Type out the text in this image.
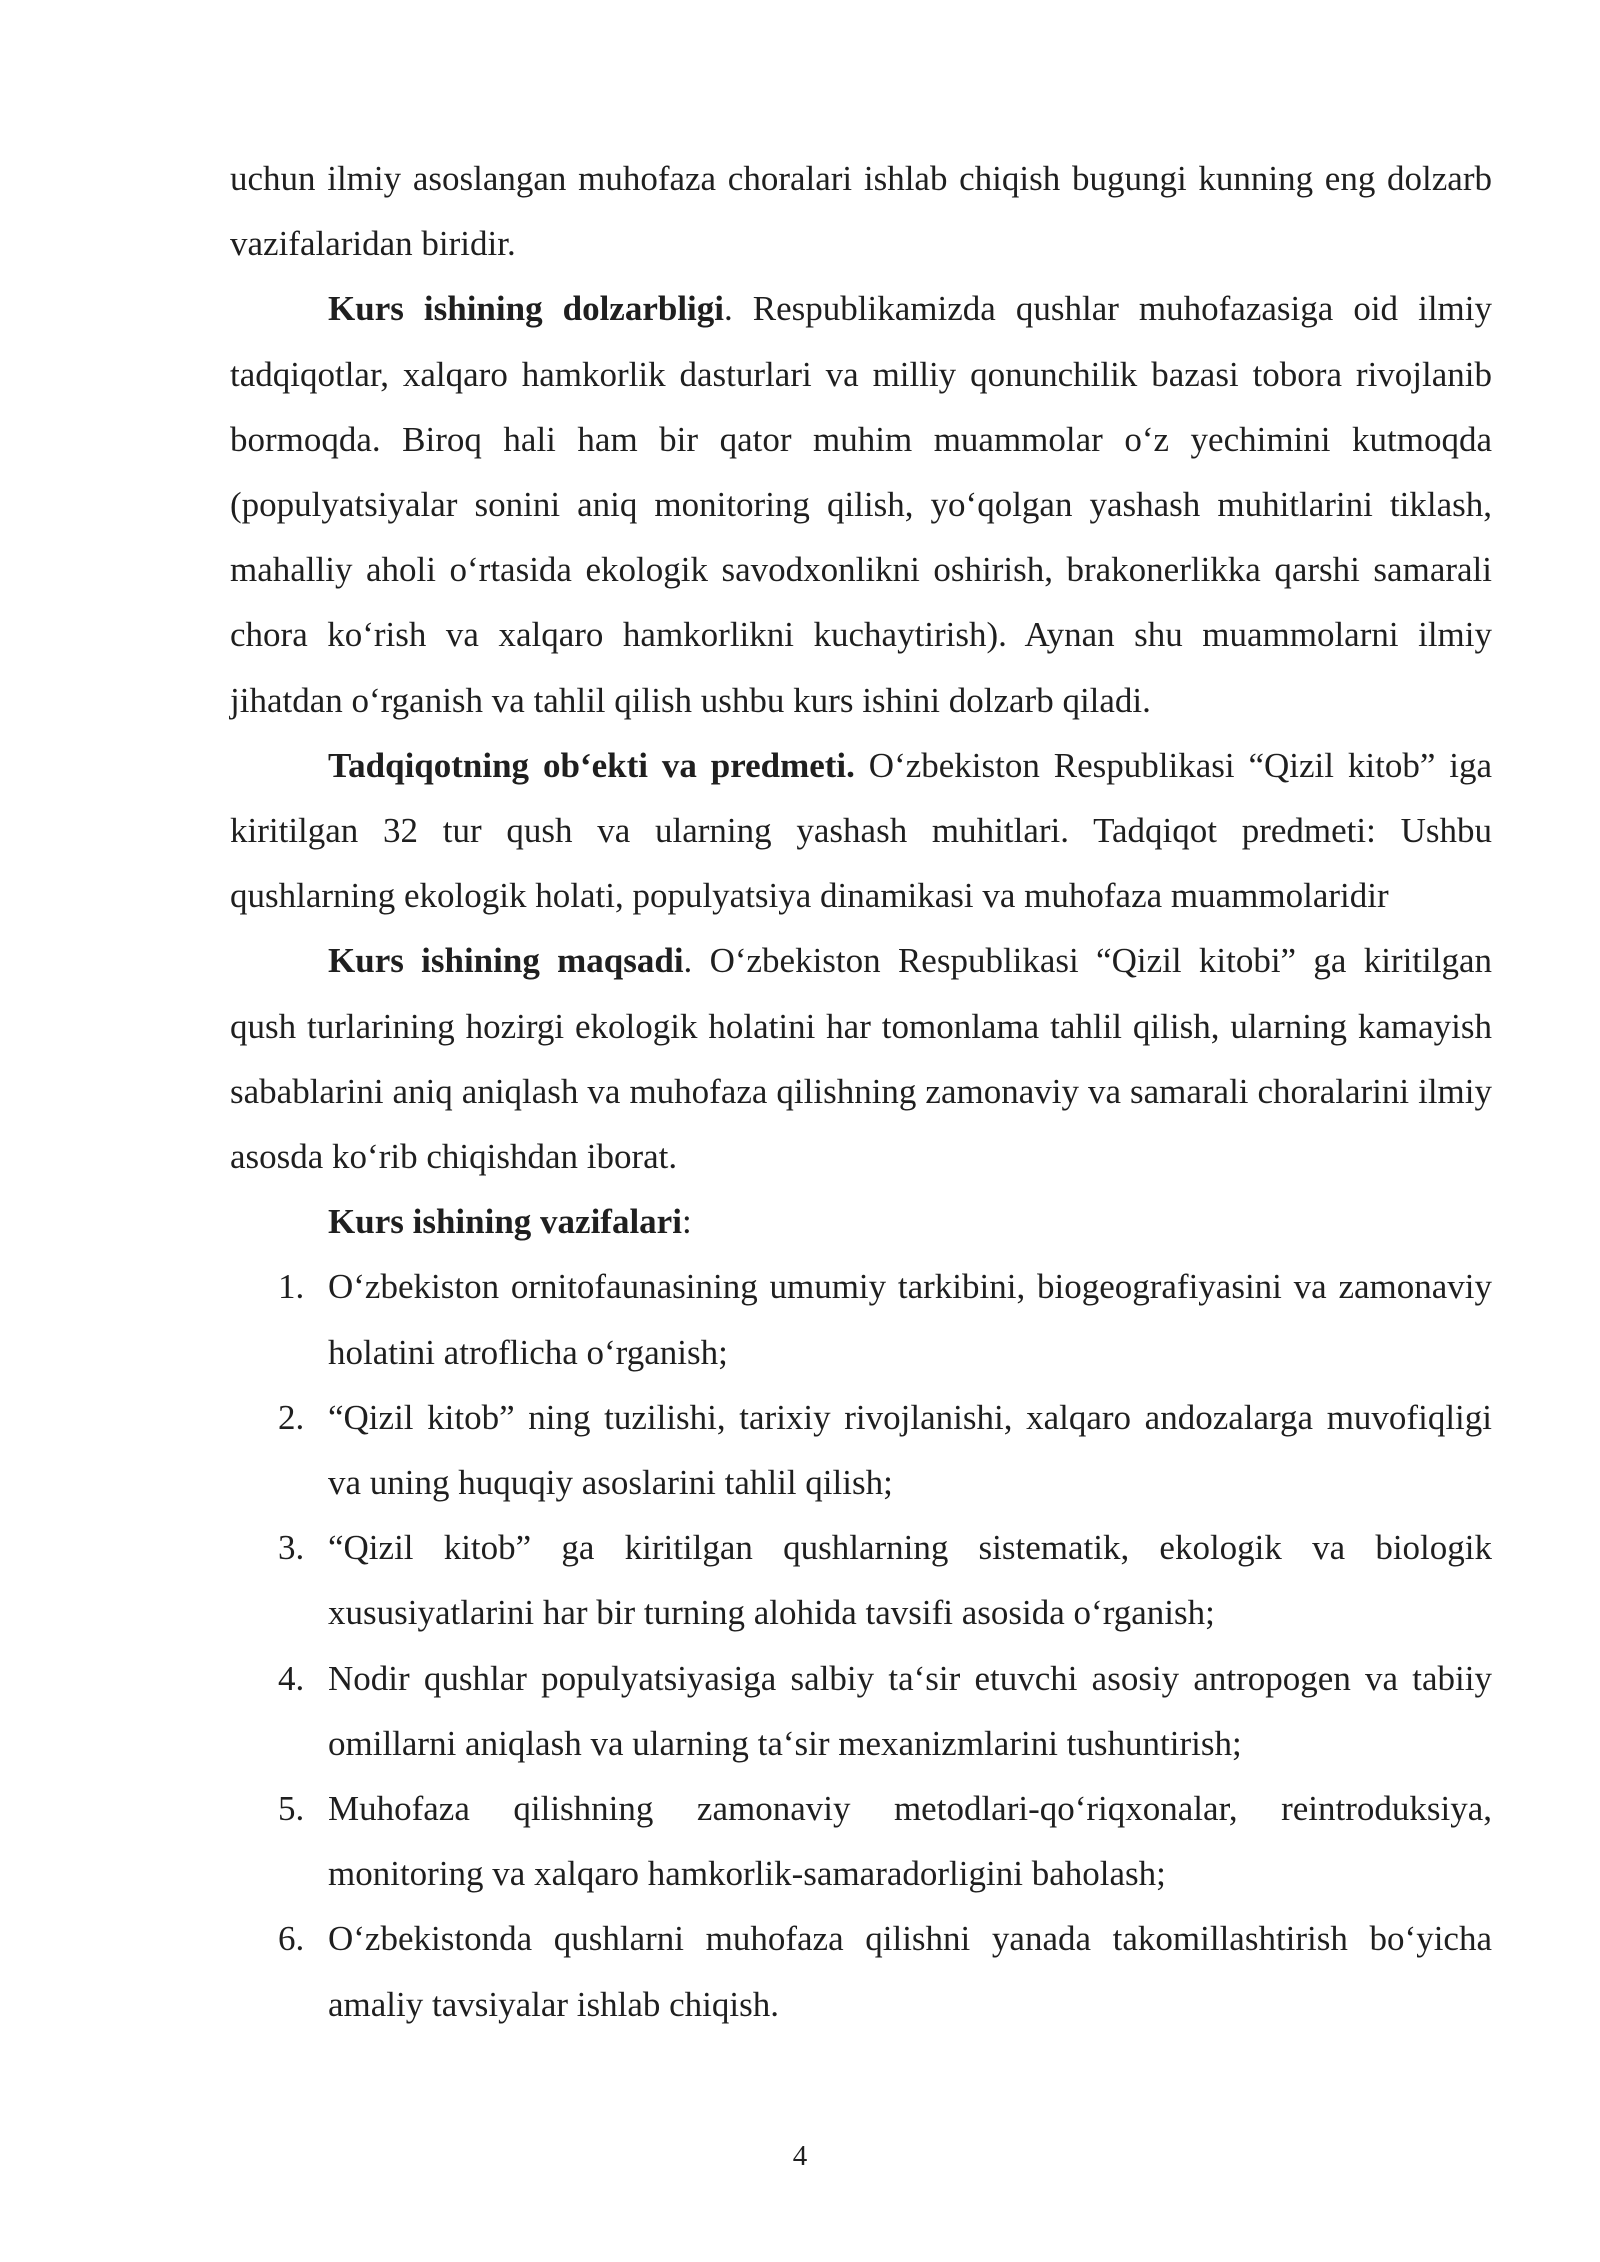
uchun ilmiy asoslangan muhofaza choralari ishlab chiqish bugungi kunning eng dolzarb vazifalaridan biridir.

Kurs ishining dolzarbligi. Respublikamizda qushlar muhofazasiga oid ilmiy tadqiqotlar, xalqaro hamkorlik dasturlari va milliy qonunchilik bazasi tobora rivojlanib bormoqda. Biroq hali ham bir qator muhim muammolar o‘z yechimini kutmoqda (populyatsiyalar sonini aniq monitoring qilish, yo‘qolgan yashash muhitlarini tiklash, mahalliy aholi o‘rtasida ekologik savodxonlikni oshirish, brakonerlikka qarshi samarali chora ko‘rish va xalqaro hamkorlikni kuchaytirish). Aynan shu muammolarni ilmiy jihatdan o‘rganish va tahlil qilish ushbu kurs ishini dolzarb qiladi.

Tadqiqotning ob‘ekti va predmeti. O‘zbekiston Respublikasi “Qizil kitob” iga kiritilgan 32 tur qush va ularning yashash muhitlari. Tadqiqot predmeti: Ushbu qushlarning ekologik holati, populyatsiya dinamikasi va muhofaza muammolaridir

Kurs ishining maqsadi. O‘zbekiston Respublikasi “Qizil kitobi” ga kiritilgan qush turlarining hozirgi ekologik holatini har tomonlama tahlil qilish, ularning kamayish sabablarini aniq aniqlash va muhofaza qilishning zamonaviy va samarali choralarini ilmiy asosda ko‘rib chiqishdan iborat.

Kurs ishining vazifalari:

1. O‘zbekiston ornitofaunasining umumiy tarkibini, biogeografiyasini va zamonaviy holatini atroflicha o‘rganish;
2. “Qizil kitob” ning tuzilishi, tarixiy rivojlanishi, xalqaro andozalarga muvofiqligi va uning huquqiy asoslarini tahlil qilish;
3. “Qizil kitob” ga kiritilgan qushlarning sistematik, ekologik va biologik xususiyatlarini har bir turning alohida tavsifi asosida o‘rganish;
4. Nodir qushlar populyatsiyasiga salbiy ta‘sir etuvchi asosiy antropogen va tabiiy omillarni aniqlash va ularning ta‘sir mexanizmlarini tushuntirish;
5. Muhofaza qilishning zamonaviy metodlari-qo‘riqxonalar, reintroduksiya, monitoring va xalqaro hamkorlik-samaradorligini baholash;
6. O‘zbekistonda qushlarni muhofaza qilishni yanada takomillashtirish bo‘yicha amaliy tavsiyalar ishlab chiqish.
4
